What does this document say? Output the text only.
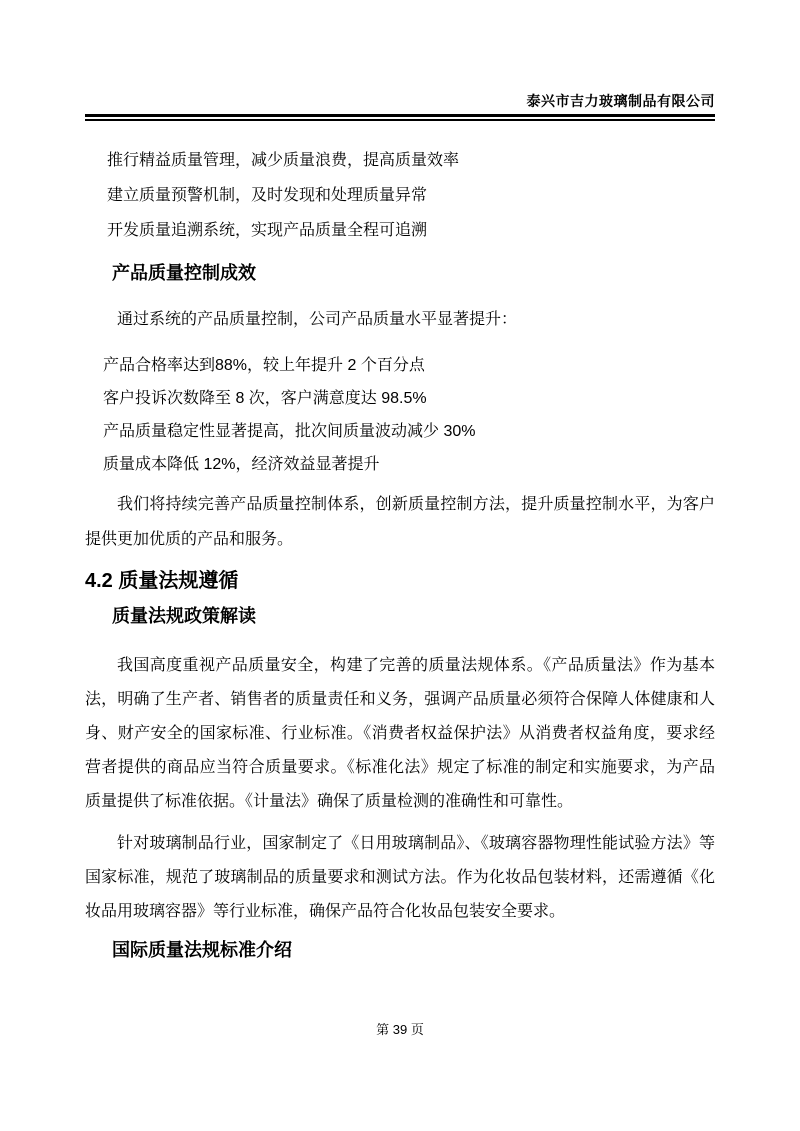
泰兴市吉力玻璃制品有限公司

推行精益质量管理，减少质量浪费，提高质量效率

建立质量预警机制，及时发现和处理质量异常

开发质量追溯系统，实现产品质量全程可追溯

产品质量控制成效

通过系统的产品质量控制，公司产品质量水平显著提升：

产品合格率达到88%，较上年提升 2 个百分点

客户投诉次数降至 8 次，客户满意度达 98.5%

产品质量稳定性显著提高，批次间质量波动减少 30%

质量成本降低 12%，经济效益显著提升

我们将持续完善产品质量控制体系，创新质量控制方法，提升质量控制水平，为客户提供更加优质的产品和服务。

4.2 质量法规遵循
质量法规政策解读

我国高度重视产品质量安全，构建了完善的质量法规体系。《产品质量法》作为基本法，明确了生产者、销售者的质量责任和义务，强调产品质量必须符合保障人体健康和人身、财产安全的国家标准、行业标准。《消费者权益保护法》从消费者权益角度，要求经营者提供的商品应当符合质量要求。《标准化法》规定了标准的制定和实施要求，为产品质量提供了标准依据。《计量法》确保了质量检测的准确性和可靠性。

针对玻璃制品行业，国家制定了《日用玻璃制品》、《玻璃容器物理性能试验方法》等国家标准，规范了玻璃制品的质量要求和测试方法。作为化妆品包装材料，还需遵循《化妆品用玻璃容器》等行业标准，确保产品符合化妆品包装安全要求。

国际质量法规标准介绍
第 39 页
